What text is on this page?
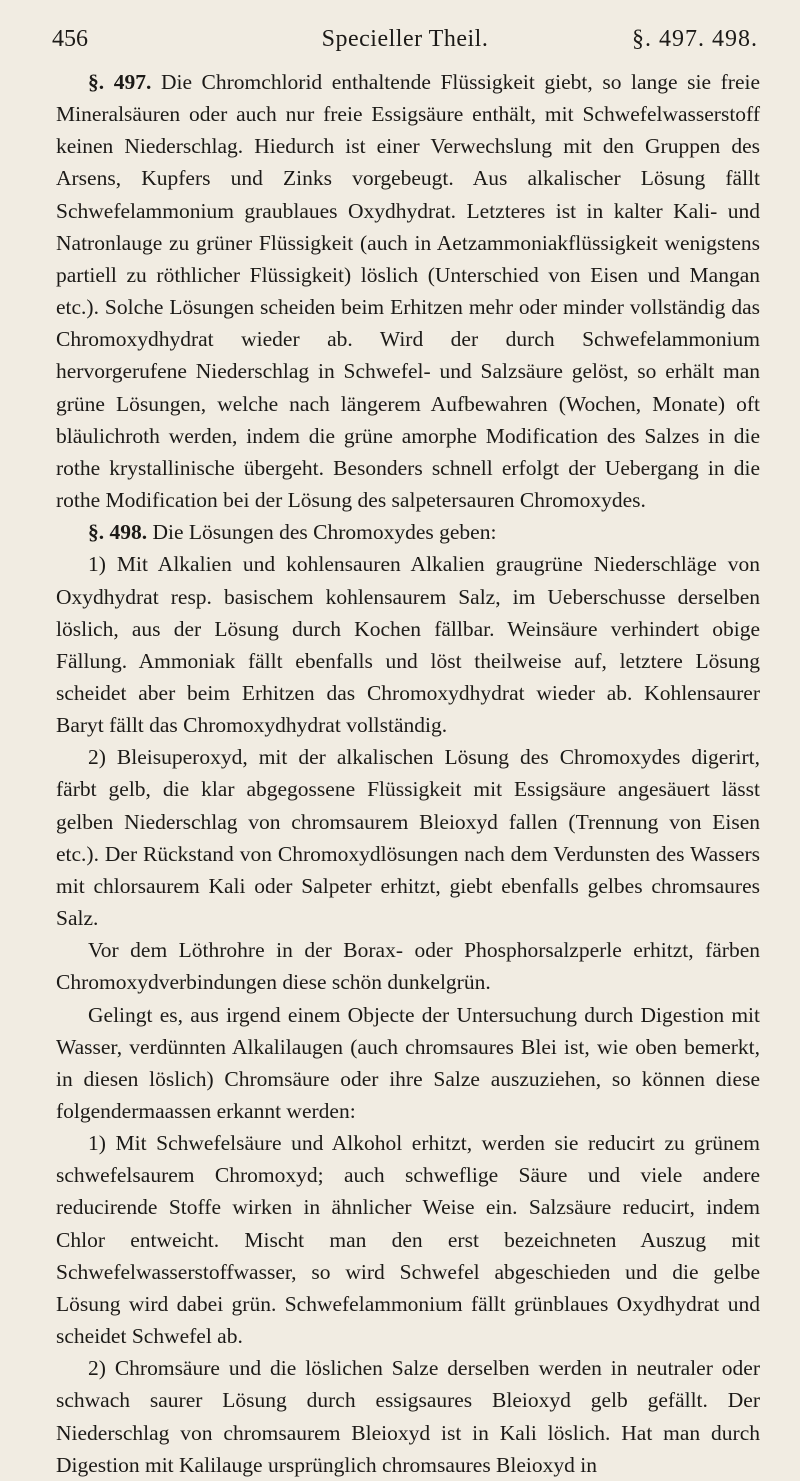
456	Specieller Theil.	§. 497. 498.

§. 497. Die Chromchlorid enthaltende Flüssigkeit giebt, so lange sie freie Mineralsäuren oder auch nur freie Essigsäure enthält, mit Schwefelwasserstoff keinen Niederschlag. Hiedurch ist einer Verwechslung mit den Gruppen des Arsens, Kupfers und Zinks vorgebeugt. Aus alkalischer Lösung fällt Schwefelammonium graublaues Oxydhydrat. Letzteres ist in kalter Kali- und Natronlauge zu grüner Flüssigkeit (auch in Aetzammoniakflüssigkeit wenigstens partiell zu röthlicher Flüssigkeit) löslich (Unterschied von Eisen und Mangan etc.). Solche Lösungen scheiden beim Erhitzen mehr oder minder vollständig das Chromoxydhydrat wieder ab. Wird der durch Schwefelammonium hervorgerufene Niederschlag in Schwefel- und Salzsäure gelöst, so erhält man grüne Lösungen, welche nach längerem Aufbewahren (Wochen, Monate) oft bläulichroth werden, indem die grüne amorphe Modification des Salzes in die rothe krystallinische übergeht. Besonders schnell erfolgt der Uebergang in die rothe Modification bei der Lösung des salpetersauren Chromoxydes.

§. 498. Die Lösungen des Chromoxydes geben:

1) Mit Alkalien und kohlensauren Alkalien graugrüne Niederschläge von Oxydhydrat resp. basischem kohlensaurem Salz, im Ueberschusse derselben löslich, aus der Lösung durch Kochen fällbar. Weinsäure verhindert obige Fällung. Ammoniak fällt ebenfalls und löst theilweise auf, letztere Lösung scheidet aber beim Erhitzen das Chromoxydhydrat wieder ab. Kohlensaurer Baryt fällt das Chromoxydhydrat vollständig.

2) Bleisuperoxyd, mit der alkalischen Lösung des Chromoxydes digerirt, färbt gelb, die klar abgegossene Flüssigkeit mit Essigsäure angesäuert lässt gelben Niederschlag von chromsaurem Bleioxyd fallen (Trennung von Eisen etc.). Der Rückstand von Chromoxydlösungen nach dem Verdunsten des Wassers mit chlorsaurem Kali oder Salpeter erhitzt, giebt ebenfalls gelbes chromsaures Salz.

Vor dem Löthrohre in der Borax- oder Phosphorsalzperle erhitzt, färben Chromoxydverbindungen diese schön dunkelgrün.

Gelingt es, aus irgend einem Objecte der Untersuchung durch Digestion mit Wasser, verdünnten Alkalilaugen (auch chromsaures Blei ist, wie oben bemerkt, in diesen löslich) Chromsäure oder ihre Salze auszuziehen, so können diese folgendermaassen erkannt werden:

1) Mit Schwefelsäure und Alkohol erhitzt, werden sie reducirt zu grünem schwefelsaurem Chromoxyd; auch schweflige Säure und viele andere reducirende Stoffe wirken in ähnlicher Weise ein. Salzsäure reducirt, indem Chlor entweicht. Mischt man den erst bezeichneten Auszug mit Schwefelwasserstoffwasser, so wird Schwefel abgeschieden und die gelbe Lösung wird dabei grün. Schwefelammonium fällt grünblaues Oxydhydrat und scheidet Schwefel ab.

2) Chromsäure und die löslichen Salze derselben werden in neutraler oder schwach saurer Lösung durch essigsaures Bleioxyd gelb gefällt. Der Niederschlag von chromsaurem Bleioxyd ist in Kali löslich. Hat man durch Digestion mit Kalilauge ursprünglich chromsaures Bleioxyd in
